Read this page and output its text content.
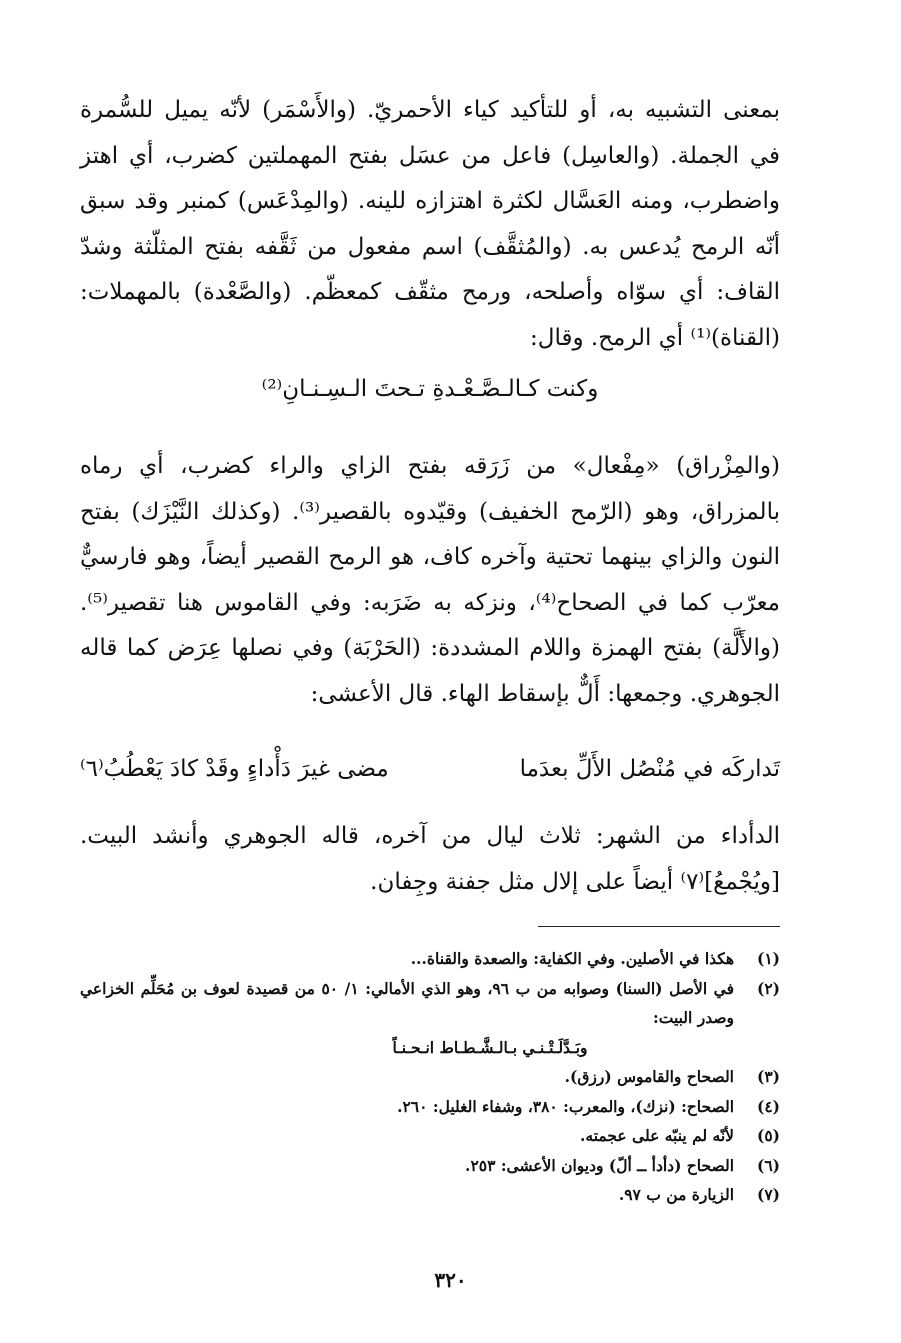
بمعنى التشبيه به، أو للتأكيد كياء الأحمريّ. (والأَسْمَر) لأنّه يميل للسُّمرة في الجملة. (والعاسِل) فاعل من عسَل بفتح المهملتين كضرب، أي اهتز واضطرب، ومنه العَسَّال لكثرة اهتزازه للينه. (والمِدْعَس) كمنبر وقد سبق أنّه الرمح يُدعس به. (والمُثقَّف) اسم مفعول من ثَقَّفه بفتح المثلّثة وشدّ القاف: أي سوّاه وأصلحه، ورمح مثقّف كمعظّم. (والصَّعْدة) بالمهملات: (القناة)⁽¹⁾ أي الرمح. وقال:

وكنت كـالـصَّـعْـدةِ تـحتَ الـسِـنـانِ⁽²⁾

(والمِزْراق) «مِفْعال» من زَرَقه بفتح الزاي والراء كضرب، أي رماه بالمزراق، وهو (الرّمح الخفيف) وقيّدوه بالقصير⁽³⁾. (وكذلك النَّيْزَك) بفتح النون والزاي بينهما تحتية وآخره كاف، هو الرمح القصير أيضاً، وهو فارسيٌّ معرّب كما في الصحاح⁽⁴⁾، ونزكه به ضَرَبه: وفي القاموس هنا تقصير⁽⁵⁾. (والأَلَّة) بفتح الهمزة واللام المشددة: (الحَرْبَة) وفي نصلها عِرَض كما قاله الجوهري. وجمعها: أَلٌّ بإسقاط الهاء. قال الأعشى:

تَداركَه في مُنْصُل الأَلِّ بعدَما
مضى غيرَ دَأْداءٍ وقَدْ كادَ يَعْطُبُ⁽٦⁾

الدأداء من الشهر: ثلاث ليال من آخره، قاله الجوهري وأنشد البيت. [ويُجْمعُ]⁽٧⁾ أيضاً على إلال مثل جفنة وجِفان.

(١)
هكذا في الأصلين. وفي الكفاية: والصعدة والقناة...
(٢)
في الأصل (السنا) وصوابه من ب ٩٦، وهو الذي الأمالي: ١/ ٥٠ من قصيدة لعوف بن مُحَلِّم الخزاعي وصدر البيت:
وبَـدَّلَـتْـنـي بـالـشَّـطـاط انـحـنـاً
(٣)
الصحاح والقاموس (رزق).
(٤)
الصحاح: (نزك)، والمعرب: ٣٨٠، وشفاء الغليل: ٢٦٠.
(٥)
لأنّه لم ينبّه على عجمته.
(٦)
الصحاح (دأدأ ــ ألّ) وديوان الأعشى: ٢٥٣.
(٧)
الزيارة من ب ٩٧.
٣٢٠
